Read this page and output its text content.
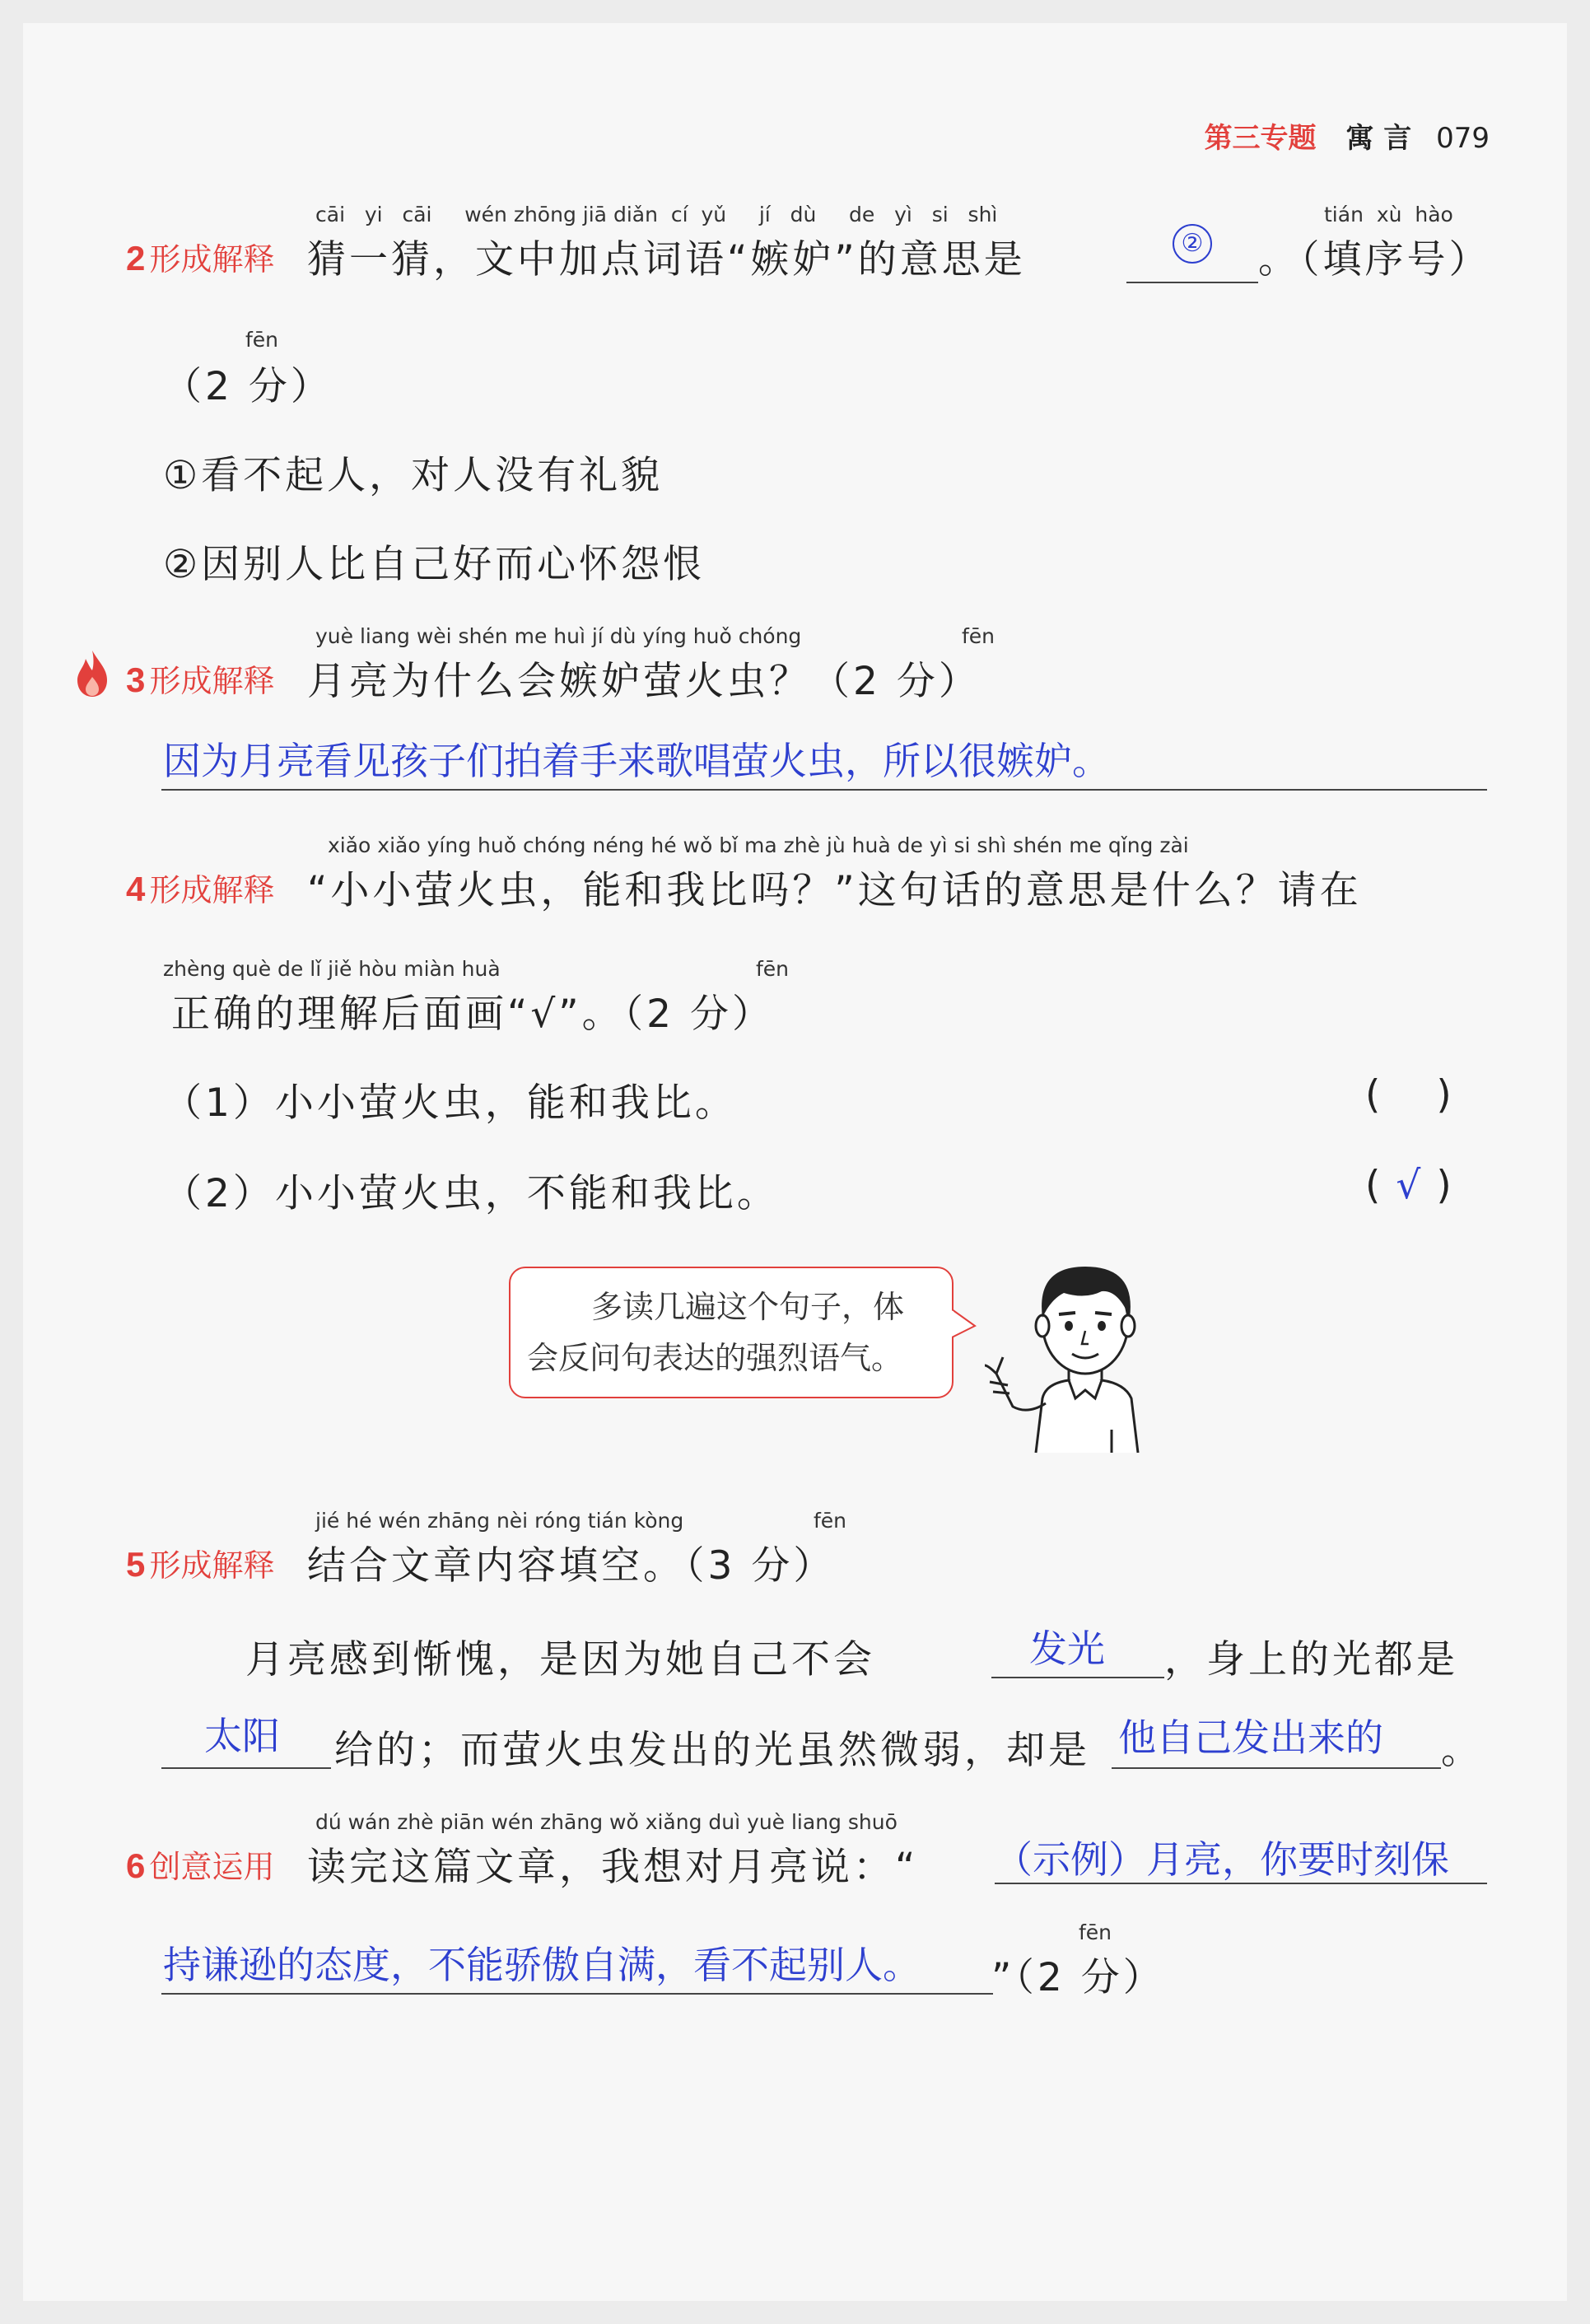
第三专题 寓 言 079
cāi yi cāi wén zhōng jiā diǎn cí yǔ jí dù de yì si shì	tián xù hào
2 形成解释 猜一猜，文中加点词语“嫉妒”的意思是	② 。（填序号）
fēn
（2 分）
①看不起人，对人没有礼貌
②因别人比自己好而心怀怨恨
yuè liang wèi shén me huì jí dù yíng huǒ chóng	fēn
3 形成解释 月亮为什么会嫉妒萤火虫？（2 分）
因为月亮看见孩子们拍着手来歌唱萤火虫，所以很嫉妒。
xiǎo xiǎo yíng huǒ chóng néng hé wǒ bǐ ma zhè jù huà de yì si shì shén me qǐng zài
4 形成解释 “小小萤火虫，能和我比吗？”这句话的意思是什么？请在
zhèng què de lǐ jiě hòu miàn huà	fēn
正确的理解后面画“√”。（2 分）
（1）小小萤火虫，能和我比。	( )
（2）小小萤火虫，不能和我比。	( √ )
多读几遍这个句子，体
会反问句表达的强烈语气。
jié hé wén zhāng nèi róng tián kòng	fēn
5 形成解释 结合文章内容填空。（3 分）
月亮感到惭愧，是因为她自己不会	发光 ，身上的光都是
太阳 给的；而萤火虫发出的光虽然微弱，却是 他自己发出来的 。
dú wán zhè piān wén zhāng wǒ xiǎng duì yuè liang shuō
6 创意运用 读完这篇文章，我想对月亮说：“ （示例）月亮，你要时刻保
持谦逊的态度，不能骄傲自满，看不起别人。
fēn
”（2 分）
